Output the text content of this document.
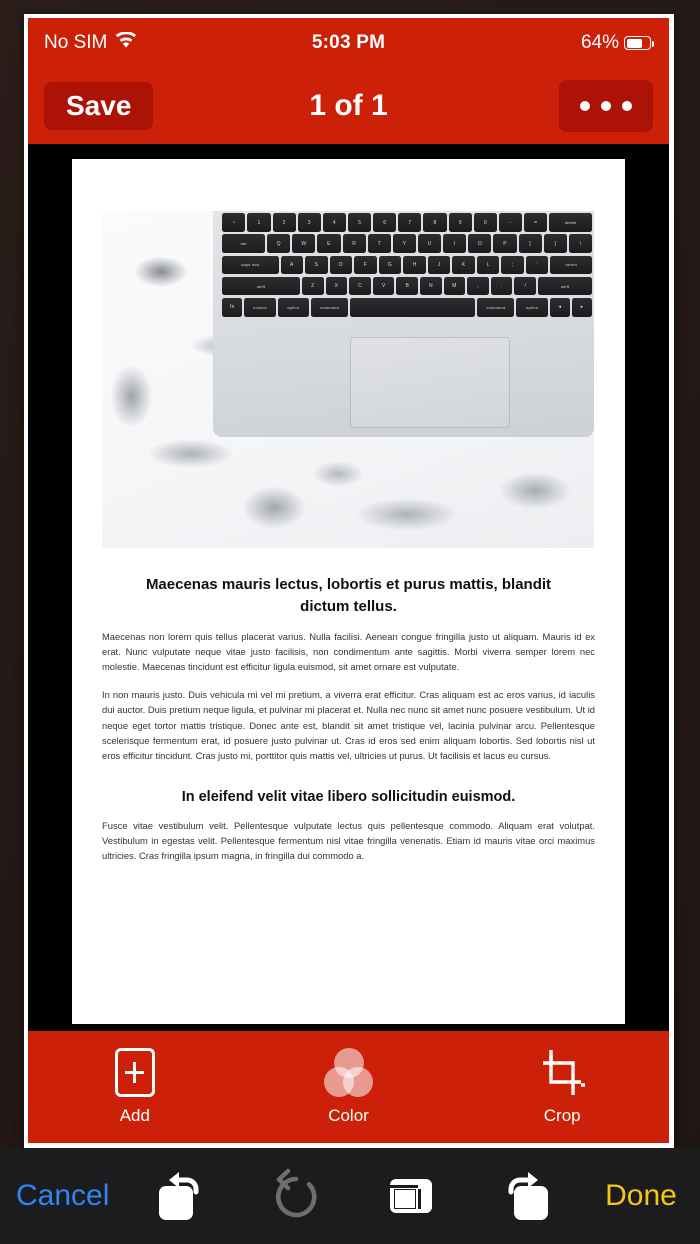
No SIM	5:03 PM	64%
Save	1 of 1
~	1	2	3	4	5	6	7	8	9	0	-	=	delete
tab	Q	W	E	R	T	Y	U	I	O	P	[	]	\
caps lock	A	S	D	F	G	H	J	K	L	;	'	return
shift	Z	X	C	V	B	N	M	,	.	/	shift
fn	control	option	command	command	option	◂	▸
Maecenas mauris lectus, lobortis et purus mattis, blandit dictum tellus.

Maecenas non lorem quis tellus placerat varius. Nulla facilisi. Aenean congue fringilla justo ut aliquam. Mauris id ex erat. Nunc vulputate neque vitae justo facilisis, non condimentum ante sagittis. Morbi viverra semper lorem nec molestie. Maecenas tincidunt est efficitur ligula euismod, sit amet ornare est vulputate.

In non mauris justo. Duis vehicula mi vel mi pretium, a viverra erat efficitur. Cras aliquam est ac eros varius, id iaculis dui auctor. Duis pretium neque ligula, et pulvinar mi placerat et. Nulla nec nunc sit amet nunc posuere vestibulum. Ut id neque eget tortor mattis tristique. Donec ante est, blandit sit amet tristique vel, lacinia pulvinar arcu. Pellentesque scelerisque fermentum erat, id posuere justo pulvinar ut. Cras id eros sed enim aliquam lobortis. Sed lobortis nisl ut eros efficitur tincidunt. Cras justo mi, porttitor quis mattis vel, ultricies ut purus. Ut facilisis et lacus eu cursus.

In eleifend velit vitae libero sollicitudin euismod.

Fusce vitae vestibulum velit. Pellentesque vulputate lectus quis pellentesque commodo. Aliquam erat volutpat. Vestibulum in egestas velit. Pellentesque fermentum nisl vitae fringilla venenatis. Etiam id mauris vitae orci maximus ultricies. Cras fringilla ipsum magna, in fringilla dui commodo a.

Add	Color	Crop
Cancel	Done
